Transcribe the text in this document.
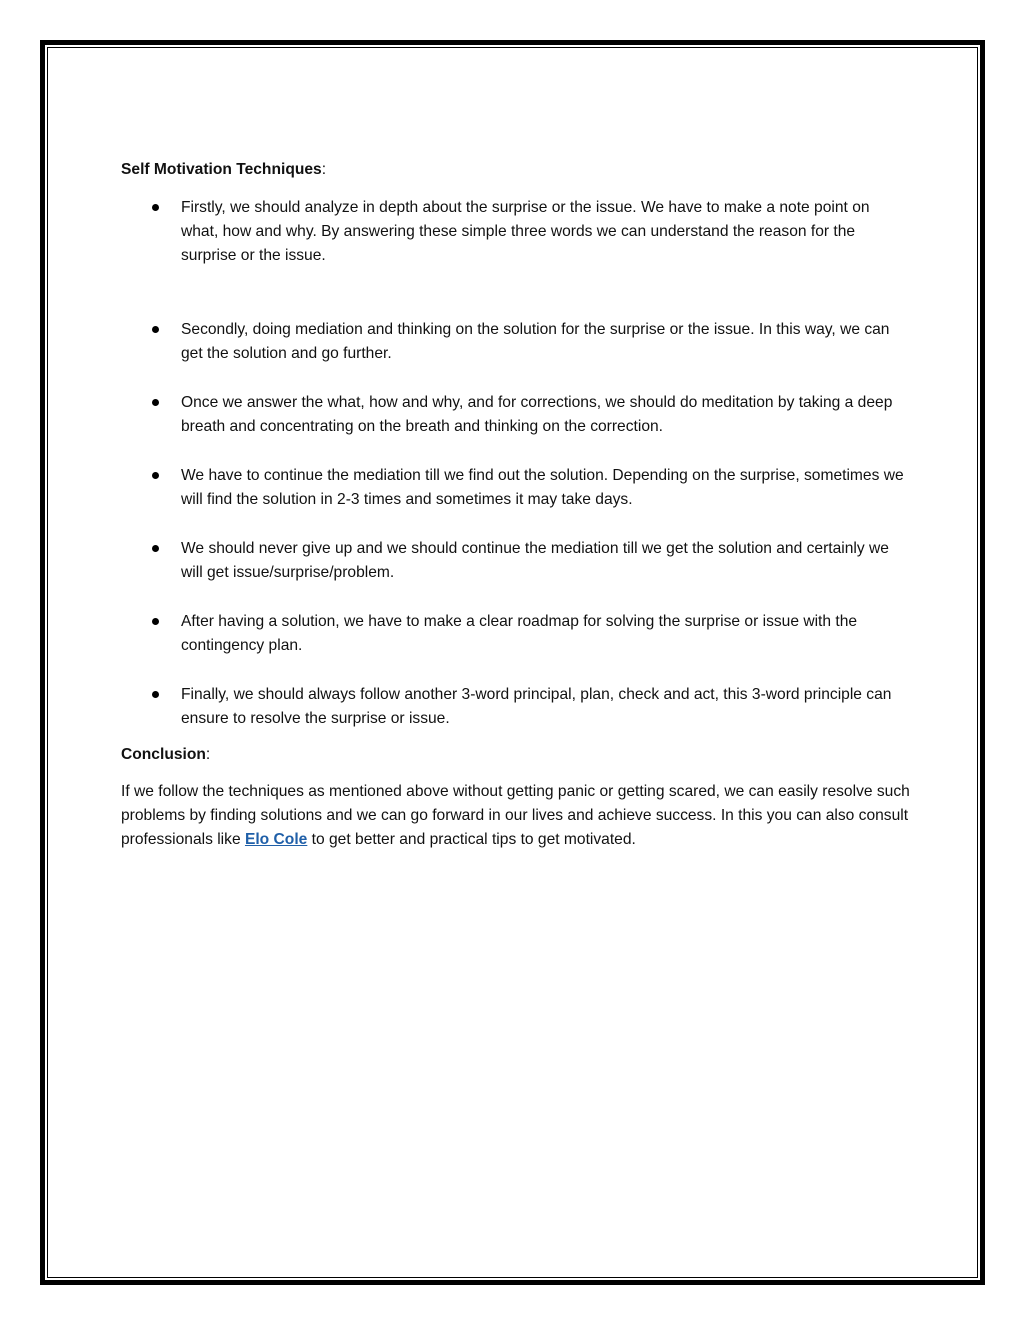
Self Motivation Techniques:

Firstly, we should analyze in depth about the surprise or the issue. We have to make a note point on what, how and why. By answering these simple three words we can understand the reason for the surprise or the issue.
Secondly, doing mediation and thinking on the solution for the surprise or the issue. In this way, we can get the solution and go further.
Once we answer the what, how and why, and for corrections, we should do meditation by taking a deep breath and concentrating on the breath and thinking on the correction.
We have to continue the mediation till we find out the solution. Depending on the surprise, sometimes we will find the solution in 2-3 times and sometimes it may take days.
We should never give up and we should continue the mediation till we get the solution and certainly we will get issue/surprise/problem.
After having a solution, we have to make a clear roadmap for solving the surprise or issue with the contingency plan.
Finally, we should always follow another 3-word principal, plan, check and act, this 3-word principle can ensure to resolve the surprise or issue.

Conclusion:

If we follow the techniques as mentioned above without getting panic or getting scared, we can easily resolve such problems by finding solutions and we can go forward in our lives and achieve success. In this you can also consult professionals like Elo Cole to get better and practical tips to get motivated.
